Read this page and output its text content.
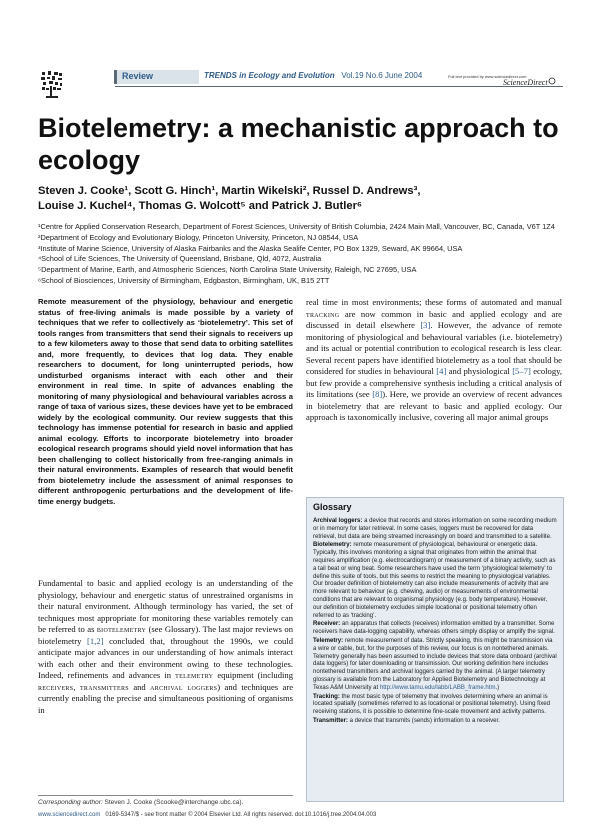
Review	TRENDS in Ecology and Evolution Vol.19 No.6 June 2004	Full text provided by www.sciencedirect.com
ScienceDirect
Biotelemetry: a mechanistic approach to ecology
Steven J. Cooke¹, Scott G. Hinch¹, Martin Wikelski², Russel D. Andrews³,
Louise J. Kuchel⁴, Thomas G. Wolcott⁵ and Patrick J. Butler⁶
¹Centre for Applied Conservation Research, Department of Forest Sciences, University of British Columbia, 2424 Main Mall, Vancouver, BC, Canada, V6T 1Z4
²Department of Ecology and Evolutionary Biology, Princeton University, Princeton, NJ 08544, USA
³Institute of Marine Science, University of Alaska Fairbanks and the Alaska Sealife Center, PO Box 1329, Seward, AK 99664, USA
⁴School of Life Sciences, The University of Queensland, Brisbane, Qld, 4072, Australia
⁵Department of Marine, Earth, and Atmospheric Sciences, North Carolina State University, Raleigh, NC 27695, USA
⁶School of Biosciences, University of Birmingham, Edgbaston, Birmingham, UK, B15 2TT
Remote measurement of the physiology, behaviour and energetic status of free-living animals is made possible by a variety of techniques that we refer to collectively as ‘biotelemetry’. This set of tools ranges from transmitters that send their signals to receivers up to a few kilometers away to those that send data to orbiting satellites and, more frequently, to devices that log data. They enable researchers to document, for long uninterrupted periods, how undisturbed organisms interact with each other and their environment in real time. In spite of advances enabling the monitoring of many physiological and behavioural variables across a range of taxa of various sizes, these devices have yet to be embraced widely by the ecological community. Our review suggests that this technology has immense potential for research in basic and applied animal ecology. Efforts to incorporate biotelemetry into broader ecological research programs should yield novel information that has been challenging to collect historically from free-ranging animals in their natural environments. Examples of research that would benefit from biotelemetry include the assessment of animal responses to different anthropogenic perturbations and the development of life-time energy budgets.
Fundamental to basic and applied ecology is an understanding of the physiology, behaviour and energetic status of unrestrained organisms in their natural environment. Although terminology has varied, the set of techniques most appropriate for monitoring these variables remotely can be referred to as biotelemetry (see Glossary). The last major reviews on biotelemetry [1,2] concluded that, throughout the 1990s, we could anticipate major advances in our understanding of how animals interact with each other and their environment owing to these technologies. Indeed, refinements and advances in telemetry equipment (including receivers, transmitters and archival loggers) and techniques are currently enabling the precise and simultaneous positioning of organisms in
real time in most environments; these forms of automated and manual tracking are now common in basic and applied ecology and are discussed in detail elsewhere [3]. However, the advance of remote monitoring of physiological and behavioural variables (i.e. biotelemetry) and its actual or potential contribution to ecological research is less clear. Several recent papers have identified biotelemetry as a tool that should be considered for studies in behavioural [4] and physiological [5–7] ecology, but few provide a comprehensive synthesis including a critical analysis of its limitations (see [8]). Here, we provide an overview of recent advances in biotelemetry that are relevant to basic and applied ecology. Our approach is taxonomically inclusive, covering all major animal groups
Glossary

Archival loggers: a device that records and stores information on some recording medium or in memory for later retrieval. In some cases, loggers must be recovered for data retrieval, but data are being streamed increasingly on board and transmitted to a satellite.

Biotelemetry: remote measurement of physiological, behavioural or energetic data. Typically, this involves monitoring a signal that originates from within the animal that requires amplification (e.g. electrocardiogram) or measurement of a binary activity, such as a tail beat or wing beat. Some researchers have used the term ‘physiological telemetry’ to define this suite of tools, but this seems to restrict the meaning to physiological variables. Our broader definition of biotelemetry can also include measurements of activity that are more relevant to behaviour (e.g. chewing, audio) or measurements of environmental conditions that are relevant to organismal physiology (e.g. body temperature). However, our definition of biotelemetry excludes simple locational or positional telemetry often referred to as ‘tracking’.

Receiver: an apparatus that collects (receives) information emitted by a transmitter. Some receivers have data-logging capability, whereas others simply display or amplify the signal.

Telemetry: remote measurement of data. Strictly speaking, this might be transmission via a wire or cable, but, for the purposes of this review, our focus is on nontethered animals. Telemetry generally has been assumed to include devices that store data onboard (archival data loggers) for later downloading or transmission. Our working definition here includes nontethered transmitters and archival loggers carried by the animal. (A larger telemetry glossary is available from the Laboratory for Applied Biotelemetry and Biotechnology at Texas A&M University at http://www.tamu.edu/labb/LABB_frame.htm.)

Tracking: the most basic type of telemetry that involves determining where an animal is located spatially (sometimes referred to as locational or positional telemetry). Using fixed receiving stations, it is possible to determine fine-scale movement and activity patterns.

Transmitter: a device that transmits (sends) information to a receiver.

Corresponding author: Steven J. Cooke (Scooke@interchange.ubc.ca).
www.sciencedirect.com 0169-5347/$ - see front matter © 2004 Elsevier Ltd. All rights reserved. doi:10.1016/j.tree.2004.04.003
